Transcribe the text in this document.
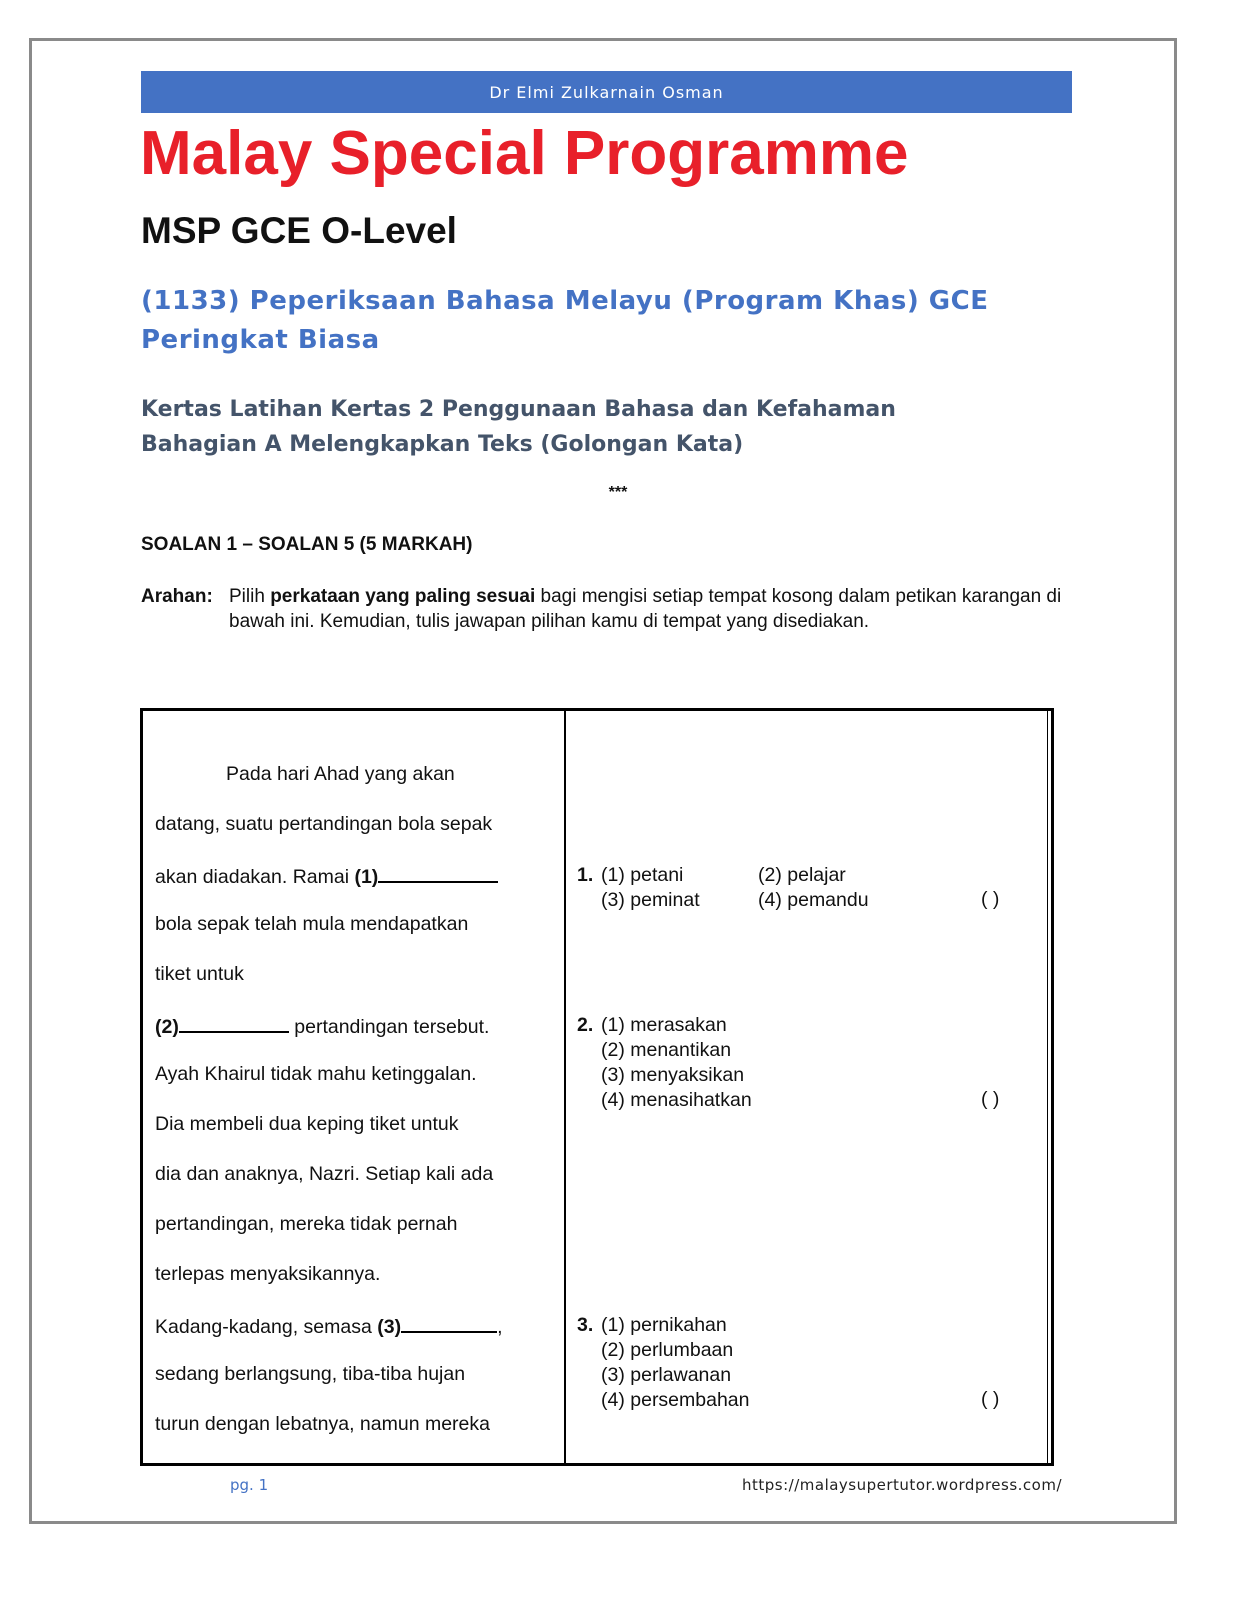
Dr Elmi Zulkarnain Osman
Malay Special Programme
MSP GCE O-Level
(1133) Peperiksaan Bahasa Melayu (Program Khas) GCE Peringkat Biasa
Kertas Latihan Kertas 2 Penggunaan Bahasa dan Kefahaman
Bahagian A Melengkapkan Teks (Golongan Kata)
***
SOALAN 1 – SOALAN 5 (5 MARKAH)
Arahan: Pilih perkataan yang paling sesuai bagi mengisi setiap tempat kosong dalam petikan karangan di bawah ini. Kemudian, tulis jawapan pilihan kamu di tempat yang disediakan.
Pada hari Ahad yang akan
datang, suatu pertandingan bola sepak
akan diadakan. Ramai (1)
bola sepak telah mula mendapatkan
tiket untuk
(2)	pertandingan tersebut.
Ayah Khairul tidak mahu ketinggalan.
Dia membeli dua keping tiket untuk
dia dan anaknya, Nazri. Setiap kali ada
pertandingan, mereka tidak pernah
terlepas menyaksikannya.
Kadang-kadang, semasa (3)	,
sedang berlangsung, tiba-tiba hujan
turun dengan lebatnya, namun mereka
1. (1) petani	(2) pelajar
(3) peminat	(4) pemandu	( )
2. (1) merasakan
(2) menantikan
(3) menyaksikan
(4) menasihatkan	( )
3. (1) pernikahan
(2) perlumbaan
(3) perlawanan
(4) persembahan	( )
pg. 1	https://malaysupertutor.wordpress.com/
